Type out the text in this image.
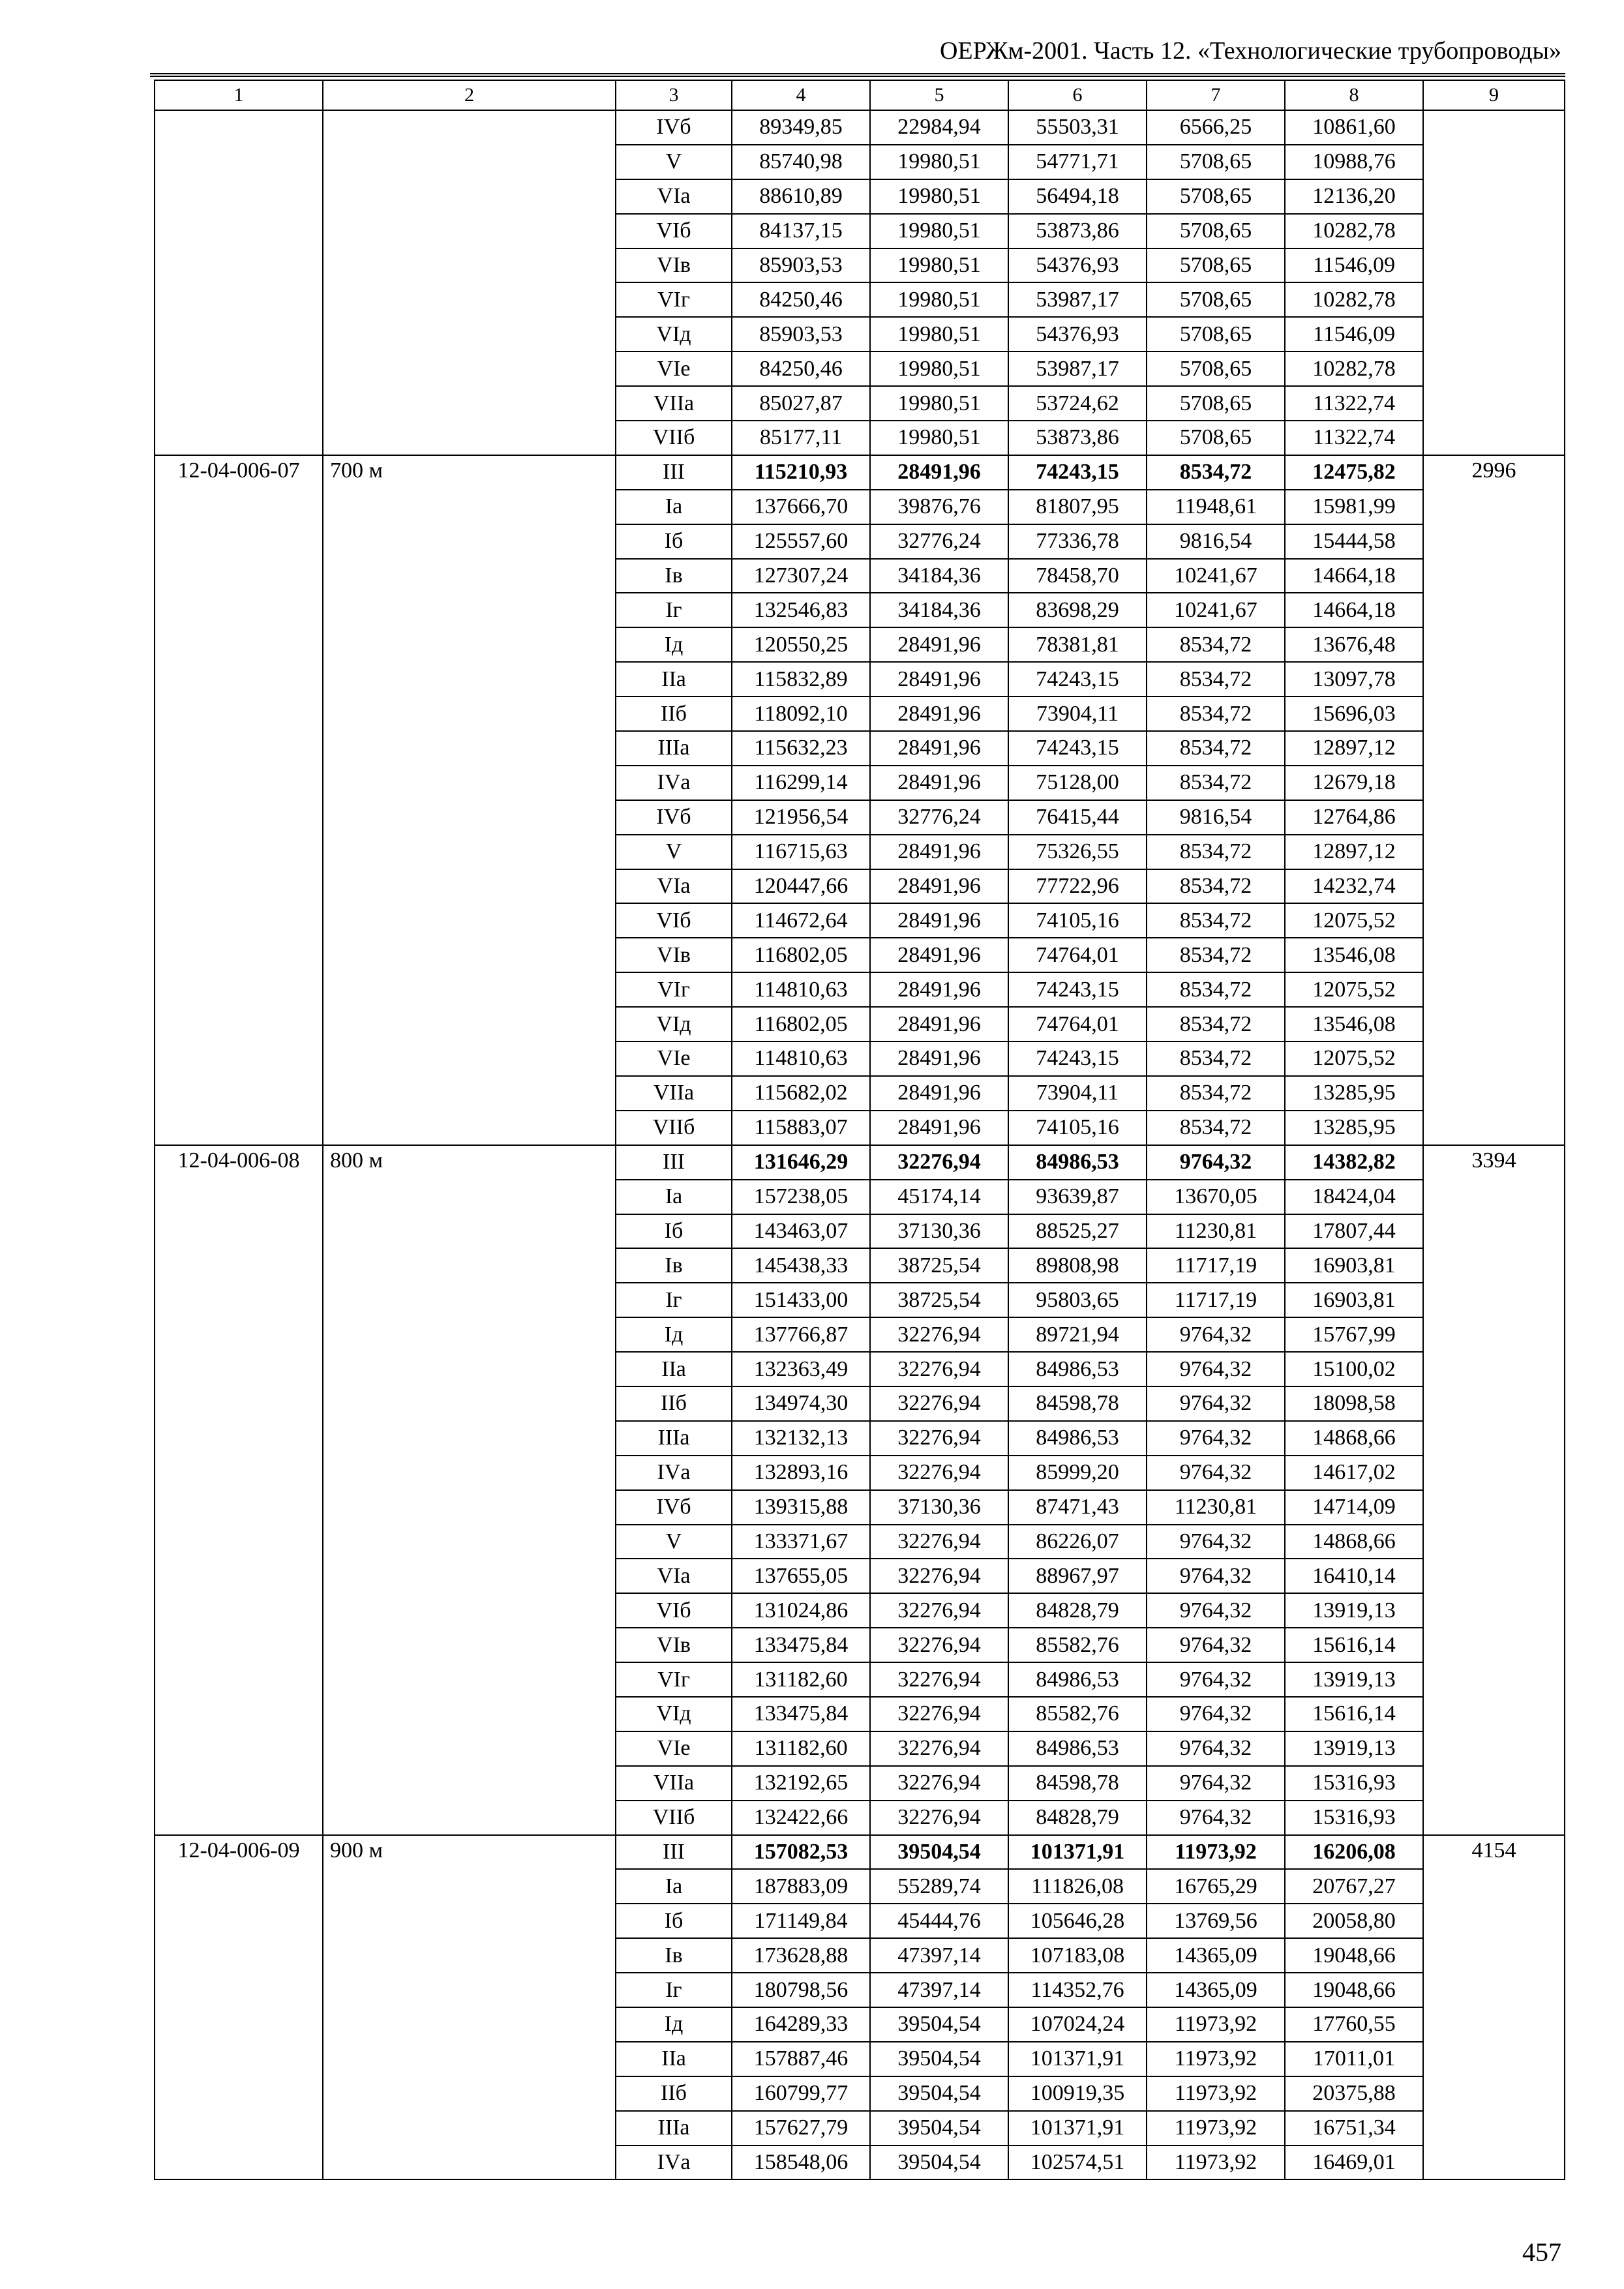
ОЕРЖм-2001. Часть 12. «Технологические трубопроводы»
1	2	3	4	5	6	7	8	9
		IVб	89349,85	22984,94	55503,31	6566,25	10861,60	
		V	85740,98	19980,51	54771,71	5708,65	10988,76	
		VIа	88610,89	19980,51	56494,18	5708,65	12136,20	
		VIб	84137,15	19980,51	53873,86	5708,65	10282,78	
		VIв	85903,53	19980,51	54376,93	5708,65	11546,09	
		VIг	84250,46	19980,51	53987,17	5708,65	10282,78	
		VIд	85903,53	19980,51	54376,93	5708,65	11546,09	
		VIе	84250,46	19980,51	53987,17	5708,65	10282,78	
		VIIа	85027,87	19980,51	53724,62	5708,65	11322,74	
		VIIб	85177,11	19980,51	53873,86	5708,65	11322,74	
12-04-006-07	700 м	III	115210,93	28491,96	74243,15	8534,72	12475,82	2996
		Iа	137666,70	39876,76	81807,95	11948,61	15981,99	
		Iб	125557,60	32776,24	77336,78	9816,54	15444,58	
		Iв	127307,24	34184,36	78458,70	10241,67	14664,18	
		Iг	132546,83	34184,36	83698,29	10241,67	14664,18	
		Iд	120550,25	28491,96	78381,81	8534,72	13676,48	
		IIа	115832,89	28491,96	74243,15	8534,72	13097,78	
		IIб	118092,10	28491,96	73904,11	8534,72	15696,03	
		IIIа	115632,23	28491,96	74243,15	8534,72	12897,12	
		IVа	116299,14	28491,96	75128,00	8534,72	12679,18	
		IVб	121956,54	32776,24	76415,44	9816,54	12764,86	
		V	116715,63	28491,96	75326,55	8534,72	12897,12	
		VIа	120447,66	28491,96	77722,96	8534,72	14232,74	
		VIб	114672,64	28491,96	74105,16	8534,72	12075,52	
		VIв	116802,05	28491,96	74764,01	8534,72	13546,08	
		VIг	114810,63	28491,96	74243,15	8534,72	12075,52	
		VIд	116802,05	28491,96	74764,01	8534,72	13546,08	
		VIе	114810,63	28491,96	74243,15	8534,72	12075,52	
		VIIа	115682,02	28491,96	73904,11	8534,72	13285,95	
		VIIб	115883,07	28491,96	74105,16	8534,72	13285,95	
12-04-006-08	800 м	III	131646,29	32276,94	84986,53	9764,32	14382,82	3394
		Iа	157238,05	45174,14	93639,87	13670,05	18424,04	
		Iб	143463,07	37130,36	88525,27	11230,81	17807,44	
		Iв	145438,33	38725,54	89808,98	11717,19	16903,81	
		Iг	151433,00	38725,54	95803,65	11717,19	16903,81	
		Iд	137766,87	32276,94	89721,94	9764,32	15767,99	
		IIа	132363,49	32276,94	84986,53	9764,32	15100,02	
		IIб	134974,30	32276,94	84598,78	9764,32	18098,58	
		IIIа	132132,13	32276,94	84986,53	9764,32	14868,66	
		IVа	132893,16	32276,94	85999,20	9764,32	14617,02	
		IVб	139315,88	37130,36	87471,43	11230,81	14714,09	
		V	133371,67	32276,94	86226,07	9764,32	14868,66	
		VIа	137655,05	32276,94	88967,97	9764,32	16410,14	
		VIб	131024,86	32276,94	84828,79	9764,32	13919,13	
		VIв	133475,84	32276,94	85582,76	9764,32	15616,14	
		VIг	131182,60	32276,94	84986,53	9764,32	13919,13	
		VIд	133475,84	32276,94	85582,76	9764,32	15616,14	
		VIе	131182,60	32276,94	84986,53	9764,32	13919,13	
		VIIа	132192,65	32276,94	84598,78	9764,32	15316,93	
		VIIб	132422,66	32276,94	84828,79	9764,32	15316,93	
12-04-006-09	900 м	III	157082,53	39504,54	101371,91	11973,92	16206,08	4154
		Iа	187883,09	55289,74	111826,08	16765,29	20767,27	
		Iб	171149,84	45444,76	105646,28	13769,56	20058,80	
		Iв	173628,88	47397,14	107183,08	14365,09	19048,66	
		Iг	180798,56	47397,14	114352,76	14365,09	19048,66	
		Iд	164289,33	39504,54	107024,24	11973,92	17760,55	
		IIа	157887,46	39504,54	101371,91	11973,92	17011,01	
		IIб	160799,77	39504,54	100919,35	11973,92	20375,88	
		IIIа	157627,79	39504,54	101371,91	11973,92	16751,34	
		IVа	158548,06	39504,54	102574,51	11973,92	16469,01	
457
